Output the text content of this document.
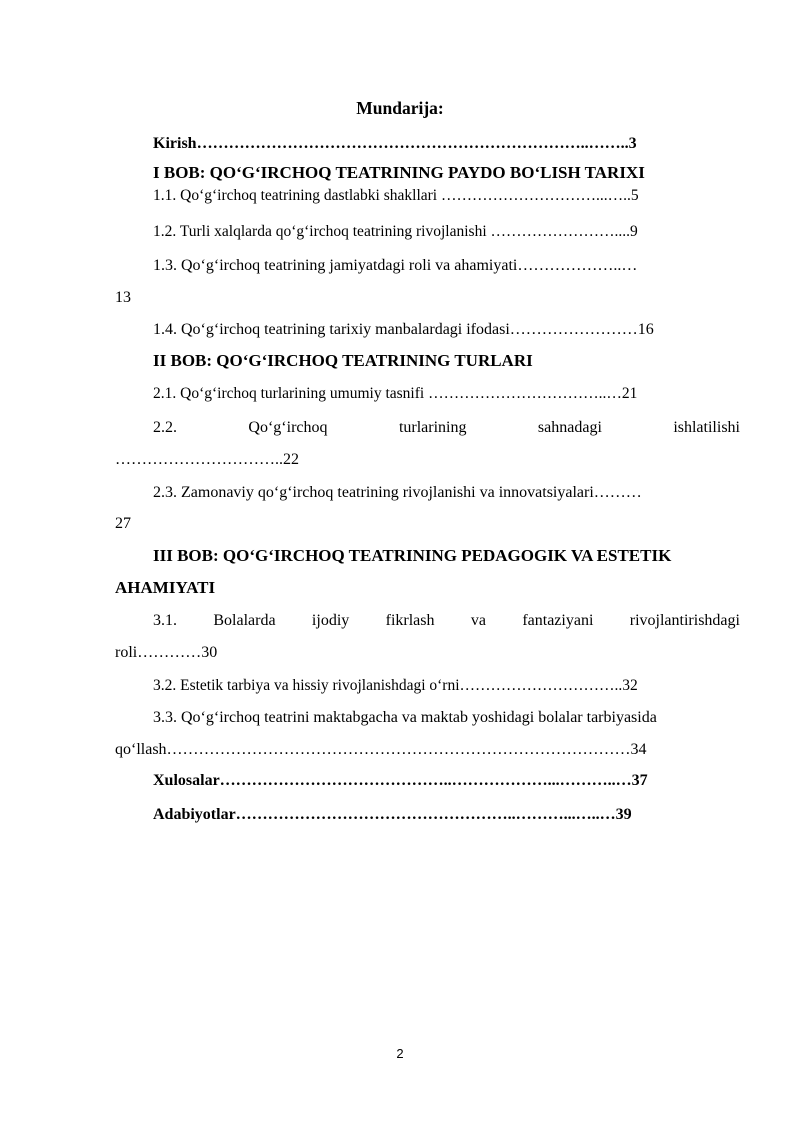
Mundarija:
Kirish………………………………………………………………..……..3
I BOB: QO‘G‘IRCHOQ TEATRINING PAYDO BO‘LISH TARIXI
1.1. Qo‘g‘irchoq teatrining dastlabki shakllari …………………………...…..5
1.2. Turli xalqlarda qo‘g‘irchoq teatrining rivojlanishi ……………………....9
1.3. Qo‘g‘irchoq teatrining jamiyatdagi roli va ahamiyati………………..…
13
1.4. Qo‘g‘irchoq teatrining tarixiy manbalardagi ifodasi……………………16
II BOB: QO‘G‘IRCHOQ TEATRINING TURLARI
2.1. Qo‘g‘irchoq turlarining umumiy tasnifi ……………………………..…21
2.2.	Qo‘g‘irchoq	turlarining	sahnadagi	ishlatilishi
…………………………..22
2.3. Zamonaviy qo‘g‘irchoq teatrining rivojlanishi va innovatsiyalari………
27
III BOB: QO‘G‘IRCHOQ TEATRINING PEDAGOGIK VA ESTETIK
AHAMIYATI
3.1. Bolalarda ijodiy fikrlash va fantaziyani rivojlantirishdagi
roli…………30
3.2. Estetik tarbiya va hissiy rivojlanishdagi o‘rni…………………………..32
3.3. Qo‘g‘irchoq teatrini maktabgacha va maktab yoshidagi bolalar tarbiyasida
qo‘llash……………………………………………………………………………34
Xulosalar……………………………………..………………...………..…37
Adabiyotlar……………………………………………..………...…..…39
2
